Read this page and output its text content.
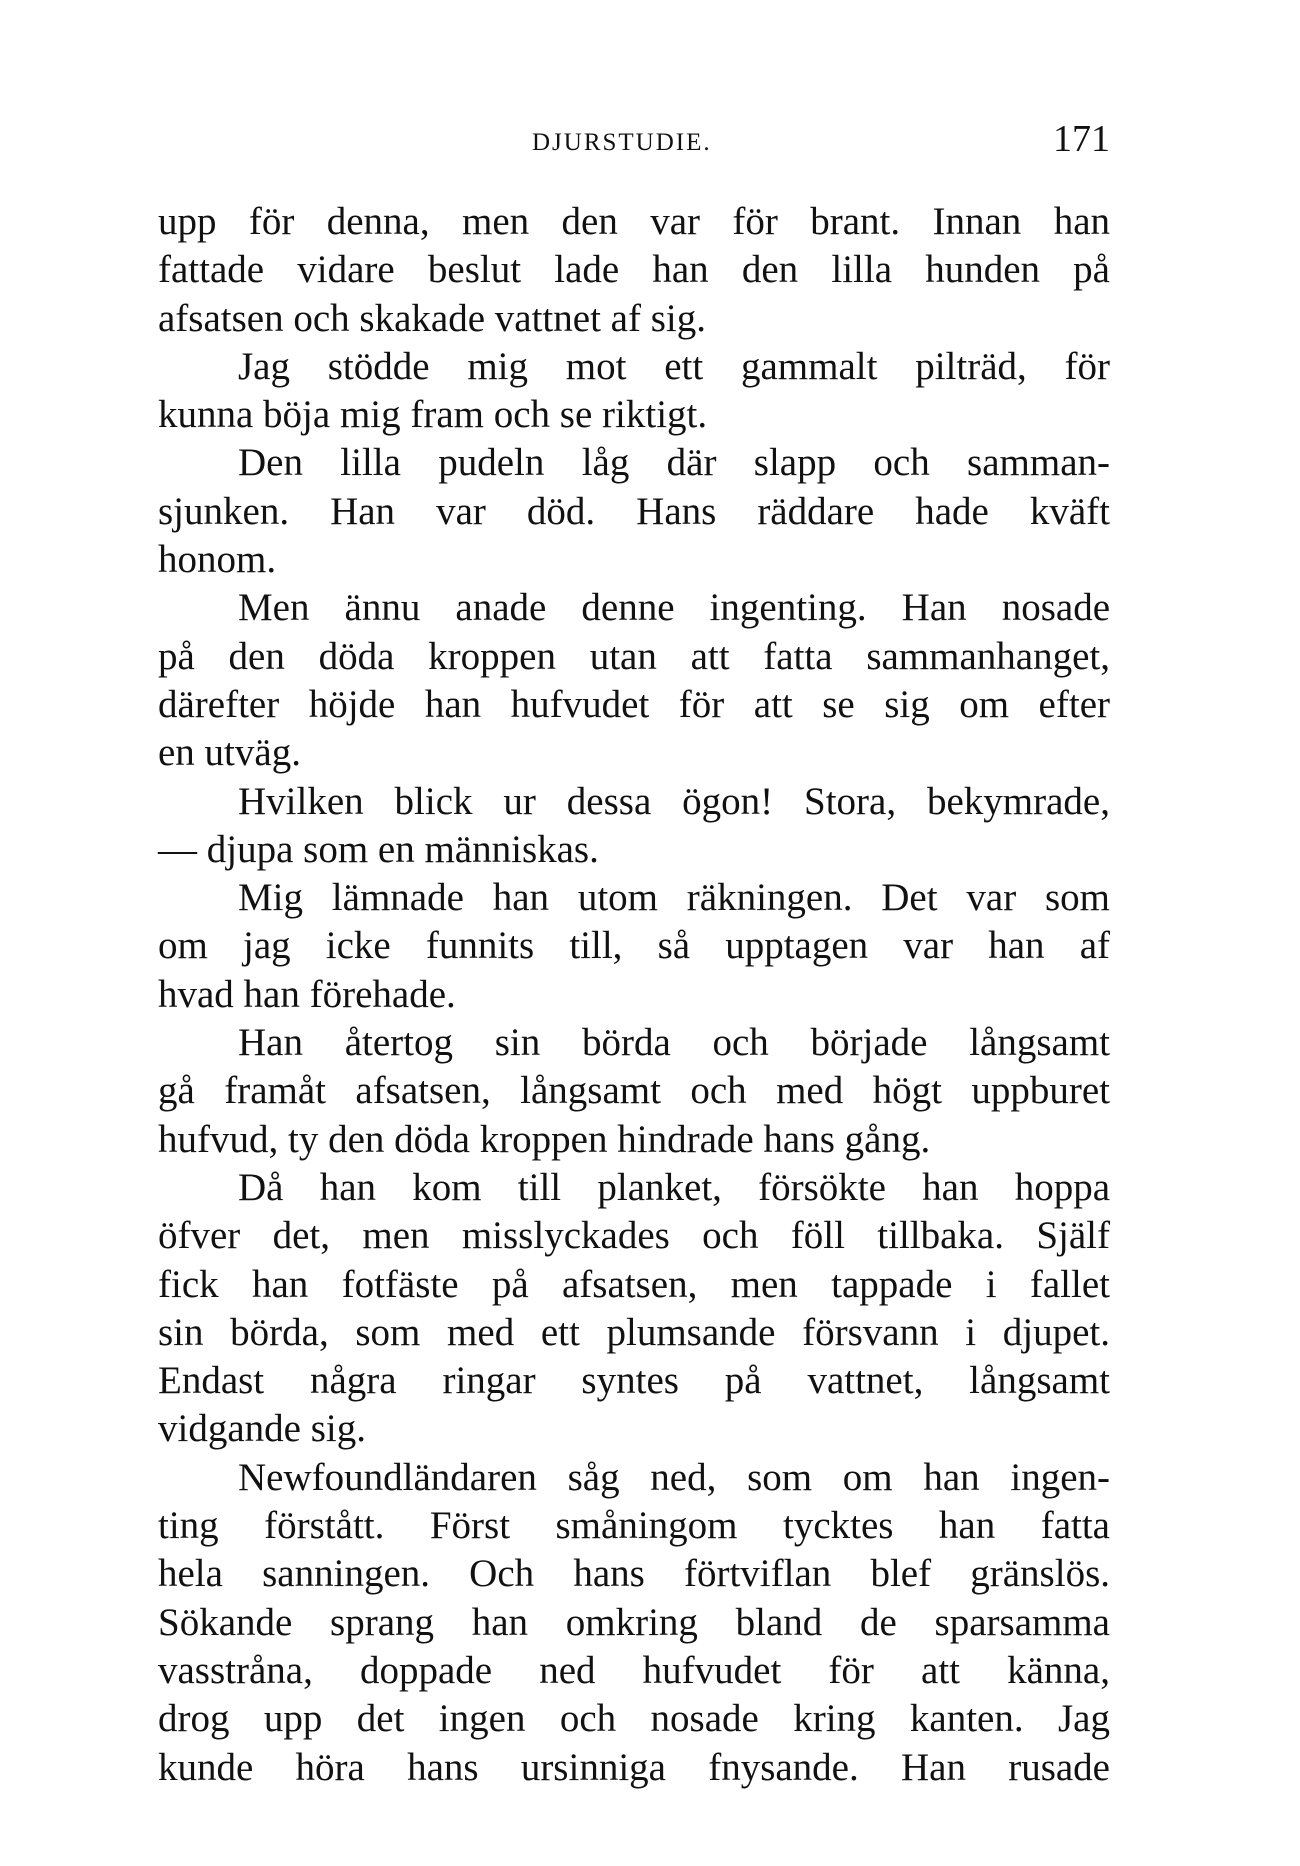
DJURSTUDIE.	171
upp för denna, men den var för brant. Innan han
fattade vidare beslut lade han den lilla hunden på
afsatsen och skakade vattnet af sig.
Jag stödde mig mot ett gammalt pilträd, för
kunna böja mig fram och se riktigt.
Den lilla pudeln låg där slapp och samman-
sjunken. Han var död. Hans räddare hade kväft
honom.
Men ännu anade denne ingenting. Han nosade
på den döda kroppen utan att fatta sammanhanget,
därefter höjde han hufvudet för att se sig om efter
en utväg.
Hvilken blick ur dessa ögon! Stora, bekymrade,
— djupa som en människas.
Mig lämnade han utom räkningen. Det var som
om jag icke funnits till, så upptagen var han af
hvad han förehade.
Han återtog sin börda och började långsamt
gå framåt afsatsen, långsamt och med högt uppburet
hufvud, ty den döda kroppen hindrade hans gång.
Då han kom till planket, försökte han hoppa
öfver det, men misslyckades och föll tillbaka. Själf
fick han fotfäste på afsatsen, men tappade i fallet
sin börda, som med ett plumsande försvann i djupet.
Endast några ringar syntes på vattnet, långsamt
vidgande sig.
Newfoundländaren såg ned, som om han ingen-
ting förstått. Först småningom tycktes han fatta
hela sanningen. Och hans förtviflan blef gränslös.
Sökande sprang han omkring bland de sparsamma
vasstråna, doppade ned hufvudet för att känna,
drog upp det ingen och nosade kring kanten. Jag
kunde höra hans ursinniga fnysande. Han rusade
